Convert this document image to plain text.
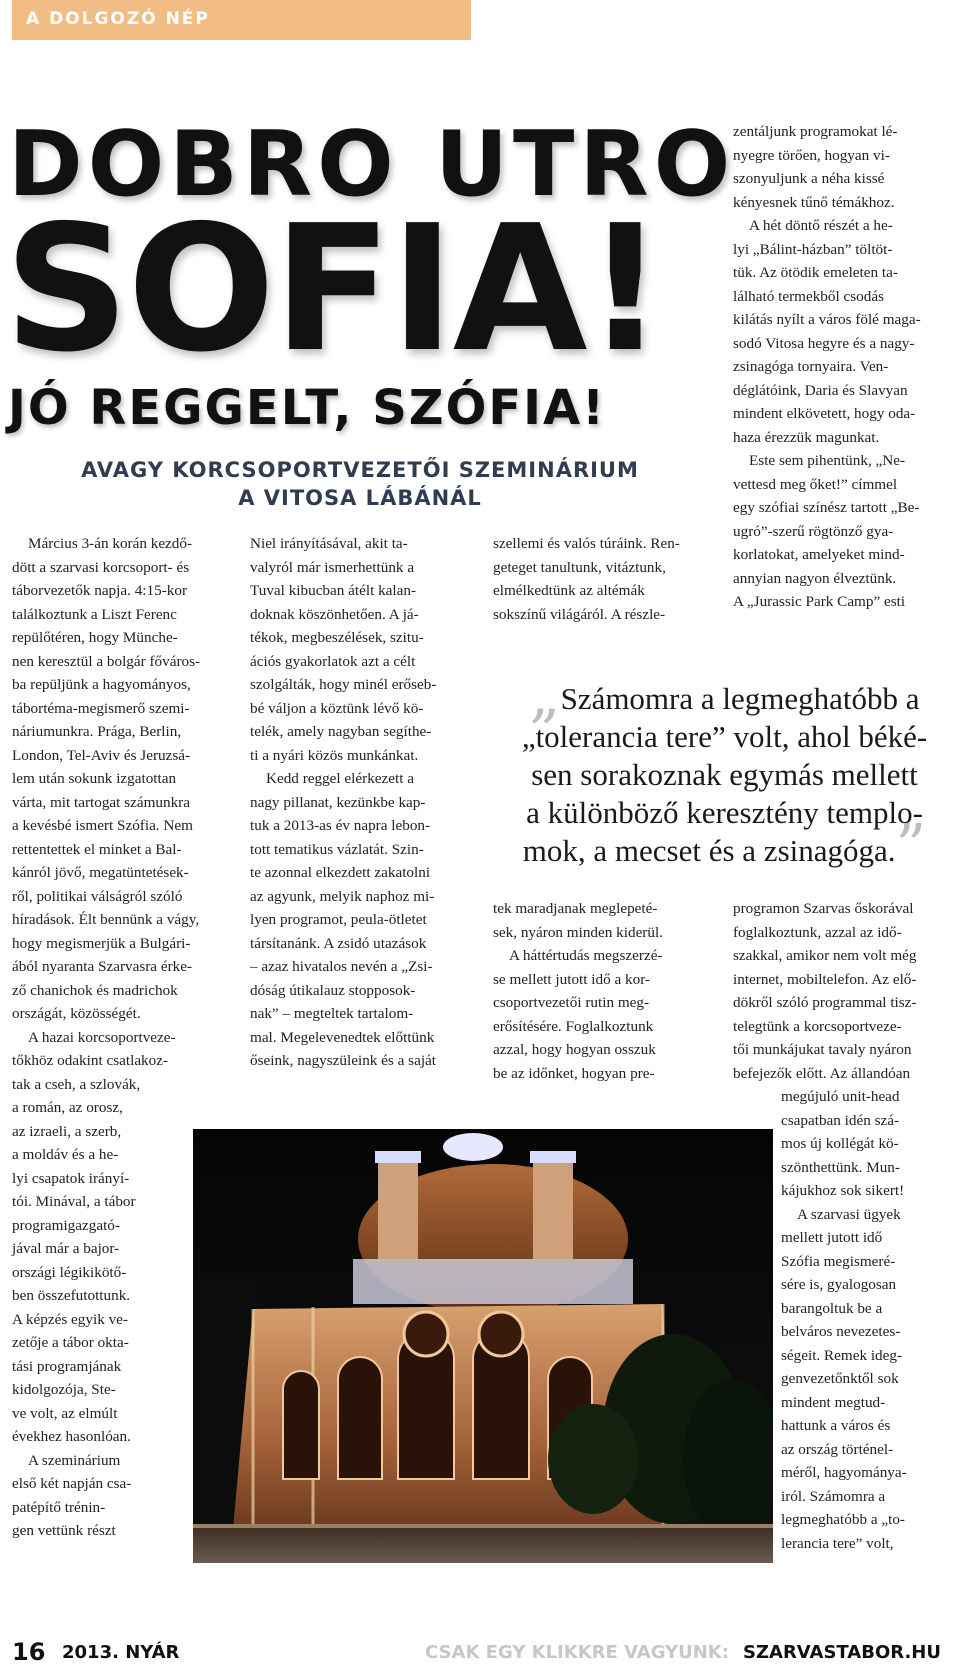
A DOLGOZÓ NÉP
DOBRO UTRO
SOFIA!
JÓ REGGELT, SZÓFIA!
AVAGY KORCSOPORTVEZETŐI SZEMINÁRIUM
A VITOSA LÁBÁNÁL

Március 3-án korán kezdő-

dött a szarvasi korcsoport- és

táborvezetők napja. 4:15-kor

találkoztunk a Liszt Ferenc

repülőtéren, hogy Münche-

nen keresztül a bolgár főváros-

ba repüljünk a hagyományos,

tábortéma-megismerő szemi-

náriumunkra. Prága, Berlin,

London, Tel-Aviv és Jeruzsá-

lem után sokunk izgatottan

várta, mit tartogat számunkra

a kevésbé ismert Szófia. Nem

rettentettek el minket a Bal-

kánról jövő, megatüntetések-

ről, politikai válságról szóló

híradások. Élt bennünk a vágy,

hogy megismerjük a Bulgári-

ából nyaranta Szarvasra érke-

ző chanichok és madrichok

országát, közösségét.

A hazai korcsoportveze-

tőkhöz odakint csatlakoz-

tak a cseh, a szlovák,

a román, az orosz,

az izraeli, a szerb,

a moldáv és a he-

lyi csapatok irányí-

tói. Minával, a tábor

programigazgató-

jával már a bajor-

országi légikikötő-

ben összefutottunk.

A képzés egyik ve-

zetője a tábor okta-

tási programjának

kidolgozója, Ste-

ve volt, az elmúlt

évekhez hasonlóan.

A szeminárium

első két napján csa-

patépítő trénin-

gen vettünk részt

Niel irányításával, akit ta-

valyról már ismerhettünk a

Tuval kibucban átélt kalan-

doknak köszönhetően. A já-

tékok, megbeszélések, szitu-

ációs gyakorlatok azt a célt

szolgálták, hogy minél erőseb-

bé váljon a köztünk lévő kö-

telék, amely nagyban segíthe-

ti a nyári közös munkánkat.

Kedd reggel elérkezett a

nagy pillanat, kezünkbe kap-

tuk a 2013-as év napra lebon-

tott tematikus vázlatát. Szin-

te azonnal elkezdett zakatolni

az agyunk, melyik naphoz mi-

lyen programot, peula-ötletet

társítanánk. A zsidó utazások

– azaz hivatalos nevén a „Zsi-

dóság útikalauz stopposok-

nak” – megteltek tartalom-

mal. Megelevenedtek előttünk

őseink, nagyszüleink és a saját

szellemi és valós túráink. Ren-

geteget tanultunk, vitáztunk,

elmélkedtünk az altémák

sokszínű világáról. A részle-

zentáljunk programokat lé-

nyegre törően, hogyan vi-

szonyuljunk a néha kissé

kényesnek tűnő témákhoz.

A hét döntő részét a he-

lyi „Bálint-házban” töltöt-

tük. Az ötödik emeleten ta-

lálható termekből csodás

kilátás nyílt a város fölé maga-

sodó Vitosa hegyre és a nagy-

zsinagóga tornyaira. Ven-

déglátóink, Daria és Slavyan

mindent elkövetett, hogy oda-

haza érezzük magunkat.

Este sem pihentünk, „Ne-

vettesd meg őket!” címmel

egy szófiai színész tartott „Be-

ugró”-szerű rögtönző gya-

korlatokat, amelyeket mind-

annyian nagyon élveztünk.

A „Jurassic Park Camp” esti

„Számomra a legmeghatóbb a
„tolerancia tere” volt, ahol béké-
sen sorakoznak egymás mellett
a különböző keresztény templo-
mok, a mecset és a zsinagóga.”

tek maradjanak meglepeté-

sek, nyáron minden kiderül.

A háttértudás megszerzé-

se mellett jutott idő a kor-

csoportvezetői rutin meg-

erősítésére. Foglalkoztunk

azzal, hogy hogyan osszuk

be az időnket, hogyan pre-

programon Szarvas őskorával

foglalkoztunk, azzal az idő-

szakkal, amikor nem volt még

internet, mobiltelefon. Az elő-

dökről szóló programmal tisz-

telegtünk a korcsoportveze-

tői munkájukat tavaly nyáron

befejezők előtt. Az állandóan

megújuló unit-head

csapatban idén szá-

mos új kollégát kö-

szönthettünk. Mun-

kájukhoz sok sikert!

A szarvasi ügyek

mellett jutott idő

Szófia megismeré-

sére is, gyalogosan

barangoltuk be a

belváros nevezetes-

ségeit. Remek ideg-

genvezetőnktől sok

mindent megtud-

hattunk a város és

az ország történel-

méről, hagyománya-

iról. Számomra a

legmeghatóbb a „to-

lerancia tere” volt,

16 2013. NYÁR	CSAK EGY KLIKKRE VAGYUNK: SZARVASTABOR.HU
